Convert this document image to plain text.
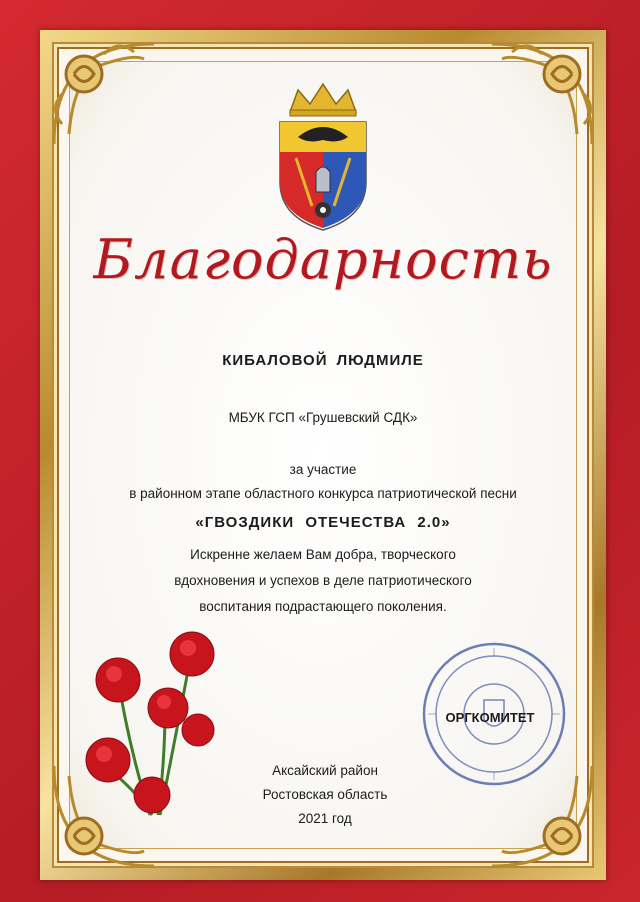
Благодарность
КИБАЛОВОЙ ЛЮДМИЛЕ
МБУК ГСП «Грушевский СДК»
за участие
в районном этапе областного конкурса патриотической песни
«ГВОЗДИКИ ОТЕЧЕСТВА 2.0»
Искренне желаем Вам добра, творческого
вдохновения и успехов в деле патриотического
воспитания подрастающего поколения.
ОРГКОМИТЕТ
Аксайский район
Ростовская область
2021 год
